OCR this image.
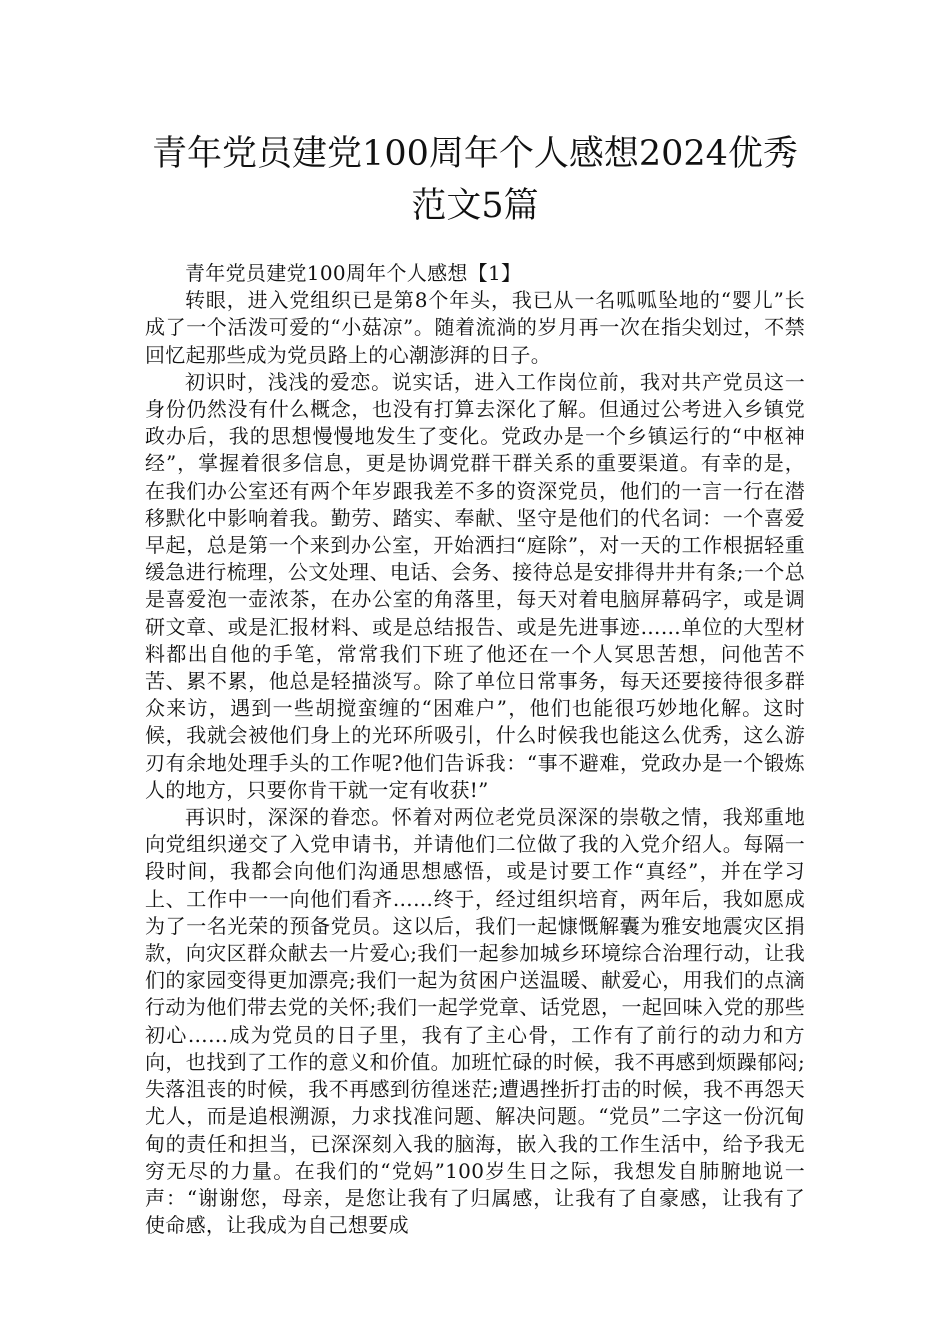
青年党员建党100周年个人感想2024优秀
范文5篇
青年党员建党100周年个人感想【1】

转眼，进入党组织已是第8个年头，我已从一名呱呱坠地的“婴儿”长成了一个活泼可爱的“小菇凉”。随着流淌的岁月再一次在指尖划过，不禁回忆起那些成为党员路上的心潮澎湃的日子。

初识时，浅浅的爱恋。说实话，进入工作岗位前，我对共产党员这一身份仍然没有什么概念，也没有打算去深化了解。但通过公考进入乡镇党政办后，我的思想慢慢地发生了变化。党政办是一个乡镇运行的“中枢神经”，掌握着很多信息，更是协调党群干群关系的重要渠道。有幸的是，在我们办公室还有两个年岁跟我差不多的资深党员，他们的一言一行在潜移默化中影响着我。勤劳、踏实、奉献、坚守是他们的代名词：一个喜爱早起，总是第一个来到办公室，开始洒扫“庭除”，对一天的工作根据轻重缓急进行梳理，公文处理、电话、会务、接待总是安排得井井有条;一个总是喜爱泡一壶浓茶，在办公室的角落里，每天对着电脑屏幕码字，或是调研文章、或是汇报材料、或是总结报告、或是先进事迹……单位的大型材料都出自他的手笔，常常我们下班了他还在一个人冥思苦想，问他苦不苦、累不累，他总是轻描淡写。除了单位日常事务，每天还要接待很多群众来访，遇到一些胡搅蛮缠的“困难户”，他们也能很巧妙地化解。这时候，我就会被他们身上的光环所吸引，什么时候我也能这么优秀，这么游刃有余地处理手头的工作呢?他们告诉我：“事不避难，党政办是一个锻炼人的地方，只要你肯干就一定有收获!”

再识时，深深的眷恋。怀着对两位老党员深深的崇敬之情，我郑重地向党组织递交了入党申请书，并请他们二位做了我的入党介绍人。每隔一段时间，我都会向他们沟通思想感悟，或是讨要工作“真经”，并在学习上、工作中一一向他们看齐……终于，经过组织培育，两年后，我如愿成为了一名光荣的预备党员。这以后，我们一起慷慨解囊为雅安地震灾区捐款，向灾区群众献去一片爱心;我们一起参加城乡环境综合治理行动，让我们的家园变得更加漂亮;我们一起为贫困户送温暖、献爱心，用我们的点滴行动为他们带去党的关怀;我们一起学党章、话党恩，一起回味入党的那些初心……成为党员的日子里，我有了主心骨，工作有了前行的动力和方向，也找到了工作的意义和价值。加班忙碌的时候，我不再感到烦躁郁闷;失落沮丧的时候，我不再感到彷徨迷茫;遭遇挫折打击的时候，我不再怨天尤人，而是追根溯源，力求找准问题、解决问题。“党员”二字这一份沉甸甸的责任和担当，已深深刻入我的脑海，嵌入我的工作生活中，给予我无穷无尽的力量。在我们的“党妈”100岁生日之际，我想发自肺腑地说一声：“谢谢您，母亲，是您让我有了归属感，让我有了自豪感，让我有了使命感，让我成为自己想要成
